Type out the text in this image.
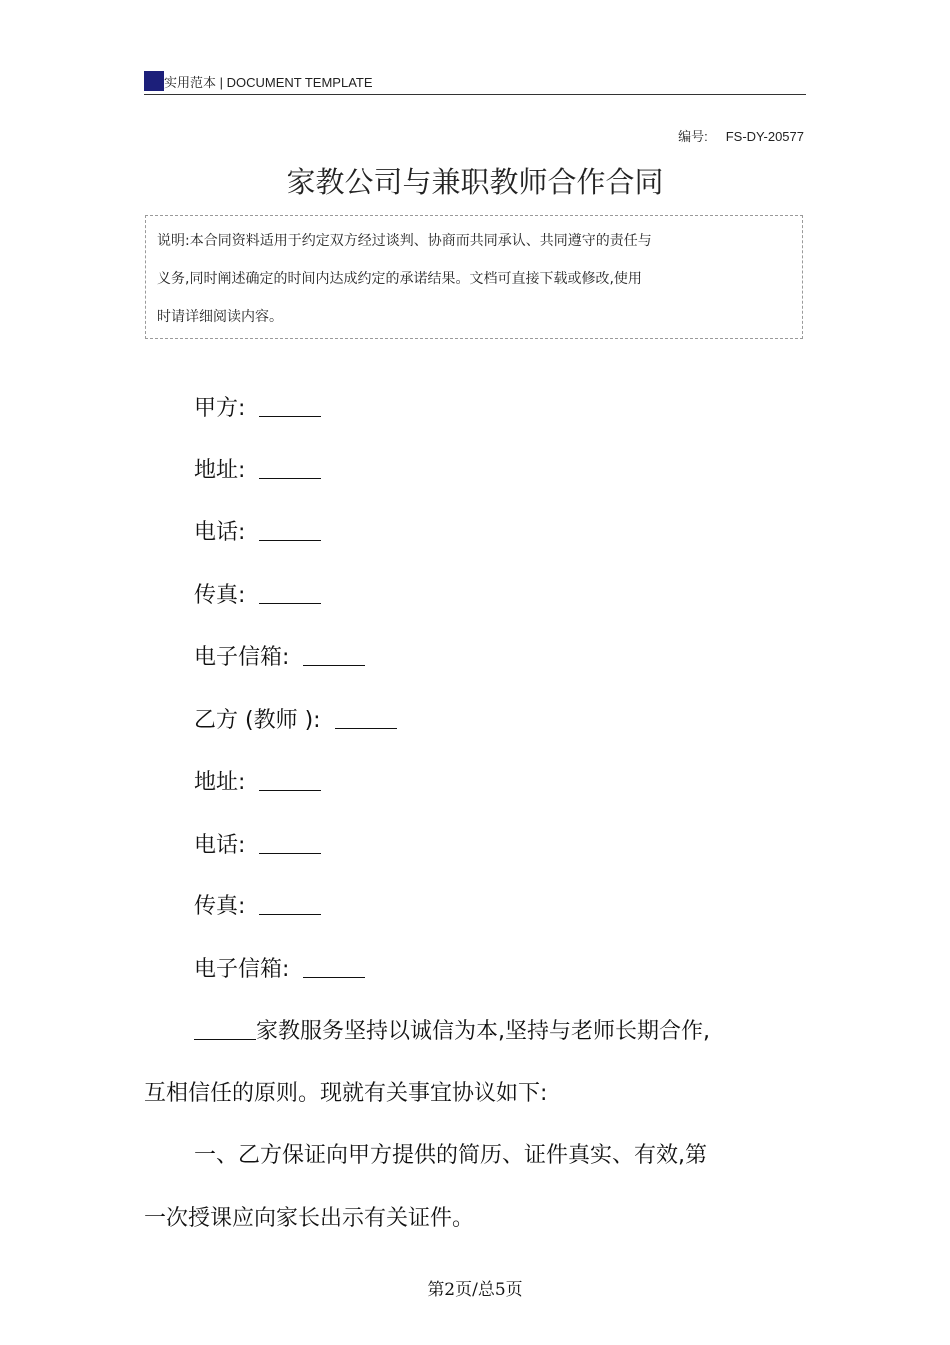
实用范本 | DOCUMENT TEMPLATE
编号: FS-DY-20577
家教公司与兼职教师合作合同
说明:本合同资料适用于约定双方经过谈判、协商而共同承认、共同遵守的责任与
义务,同时阐述确定的时间内达成约定的承诺结果。文档可直接下载或修改,使用
时请详细阅读内容。
甲方:
地址:
电话:
传真:
电子信箱:
乙方 (教师 ):
地址:
电话:
传真:
电子信箱:
家教服务坚持以诚信为本,坚持与老师长期合作,
互相信任的原则。现就有关事宜协议如下:
一、乙方保证向甲方提供的简历、证件真实、有效,第
一次授课应向家长出示有关证件。
第2页/总5页
